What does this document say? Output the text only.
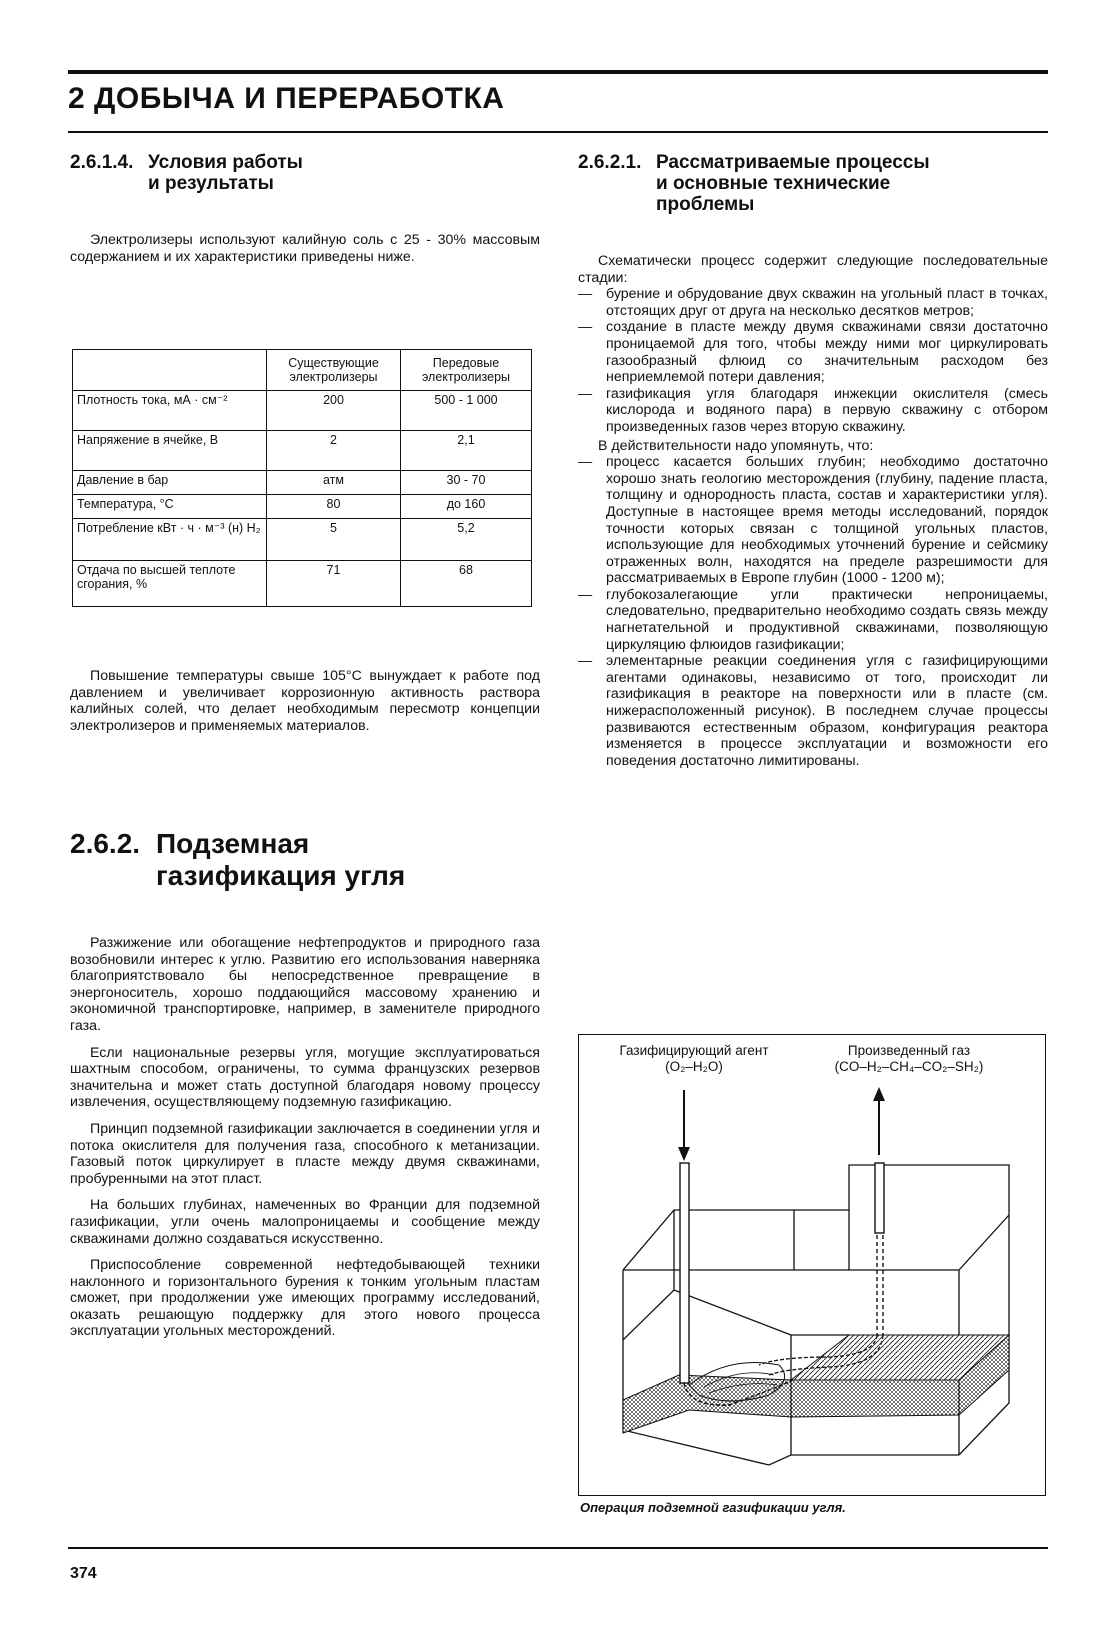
2 ДОБЫЧА И ПЕРЕРАБОТКА
2.6.1.4. Условия работы
и результаты

Электролизеры используют калийную соль с 25 - 30% массовым содержанием и их характеристики приведены ниже.

	Существующие электролизеры	Передовые электролизеры
Плотность тока, мА · см⁻²	200	500 - 1 000
Напряжение в ячейке, В	2	2,1
Давление в бар	атм	30 - 70
Температура, °С	80	до 160
Потребление кВт · ч · м⁻³ (н) H₂	5	5,2
Отдача по высшей теплоте сгорания, %	71	68

Повышение температуры свыше 105°С вынуждает к работе под давлением и увеличивает коррозионную активность раствора калийных солей, что делает необходимым пересмотр концепции электролизеров и применяемых материалов.

2.6.2. Подземная
газификация угля

Разжижение или обогащение нефтепродуктов и природного газа возобновили интерес к углю. Развитию его использования наверняка благоприятствовало бы непосредственное превращение в энергоноситель, хорошо поддающийся массовому хранению и экономичной транспортировке, например, в заменителе природного газа.

Если национальные резервы угля, могущие эксплуатироваться шахтным способом, ограничены, то сумма французских резервов значительна и может стать доступной благодаря новому процессу извлечения, осуществляющему подземную газификацию.

Принцип подземной газификации заключается в соединении угля и потока окислителя для получения газа, способного к метанизации. Газовый поток циркулирует в пласте между двумя скважинами, пробуренными на этот пласт.

На больших глубинах, намеченных во Франции для подземной газификации, угли очень малопроницаемы и сообщение между скважинами должно создаваться искусственно.

Приспособление современной нефтедобывающей техники наклонного и горизонтального бурения к тонким угольным пластам сможет, при продолжении уже имеющих программу исследований, оказать решающую поддержку для этого нового процесса эксплуатации угольных месторождений.

2.6.2.1. Рассматриваемые процессы
и основные технические
проблемы

Схематически процесс содержит следующие последовательные стадии:

— бурение и обрудование двух скважин на угольный пласт в точках, отстоящих друг от друга на несколько десятков метров;
— создание в пласте между двумя скважинами связи достаточно проницаемой для того, чтобы между ними мог циркулировать газообразный флюид со значительным расходом без неприемлемой потери давления;
— газификация угля благодаря инжекции окислителя (смесь кислорода и водяного пара) в первую скважину с отбором произведенных газов через вторую скважину.

В действительности надо упомянуть, что:

— процесс касается больших глубин; необходимо достаточно хорошо знать геологию месторождения (глубину, падение пласта, толщину и однородность пласта, состав и характеристики угля). Доступные в настоящее время методы исследований, порядок точности которых связан с толщиной угольных пластов, использующие для необходимых уточнений бурение и сейсмику отраженных волн, находятся на пределе разрешимости для рассматриваемых в Европе глубин (1000 - 1200 м);
— глубокозалегающие угли практически непроницаемы, следовательно, предварительно необходимо создать связь между нагнетательной и продуктивной скважинами, позволяющую циркуляцию флюидов газификации;
— элементарные реакции соединения угля с газифицирующими агентами одинаковы, независимо от того, происходит ли газификация в реакторе на поверхности или в пласте (см. нижерасположенный рисунок). В последнем случае процессы развиваются естественным образом, конфигурация реактора изменяется в процессе эксплуатации и возможности его поведения достаточно лимитированы.
Газифицирующий агент
(O₂–H₂O)
Произведенный газ
(CO–H₂–CH₄–CO₂–SH₂)
Операция подземной газификации угля.
374
